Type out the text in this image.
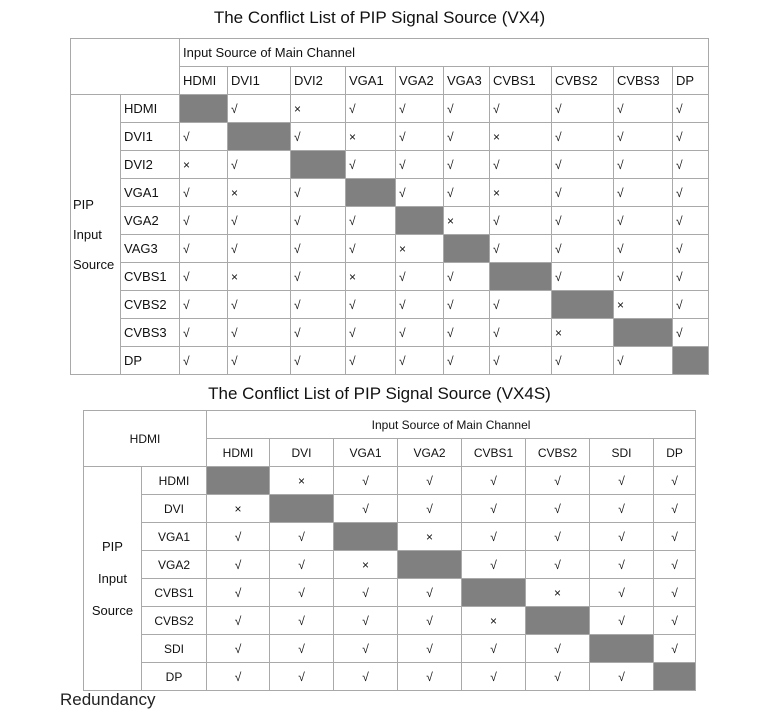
The Conflict List of PIP Signal Source (VX4)
		Input Source of Main Channel									
		HDMI	DVI1	DVI2	VGA1	VGA2	VGA3	CVBS1	CVBS2	CVBS3	DP

PIP
Input
Source	HDMI		√	×	√	√	√	√	√	√	√
	DVI1	√		√	×	√	√	×	√	√	√
	DVI2	×	√		√	√	√	√	√	√	√
	VGA1	√	×	√		√	√	×	√	√	√
	VGA2	√	√	√	√		×	√	√	√	√
	VAG3	√	√	√	√	×		√	√	√	√
	CVBS1	√	×	√	×	√	√		√	√	√
	CVBS2	√	√	√	√	√	√	√		×	√
	CVBS3	√	√	√	√	√	√	√	×		√
	DP	√	√	√	√	√	√	√	√	√	
The Conflict List of PIP Signal Source (VX4S)
HDMI		Input Source of Main Channel							
		HDMI	DVI	VGA1	VGA2	CVBS1	CVBS2	SDI	DP

PIP
Input
Source	HDMI		×	√	√	√	√	√	√
	DVI	×		√	√	√	√	√	√
	VGA1	√	√		×	√	√	√	√
	VGA2	√	√	×		√	√	√	√
	CVBS1	√	√	√	√		×	√	√
	CVBS2	√	√	√	√	×		√	√
	SDI	√	√	√	√	√	√		√
	DP	√	√	√	√	√	√	√	
Redundancy
